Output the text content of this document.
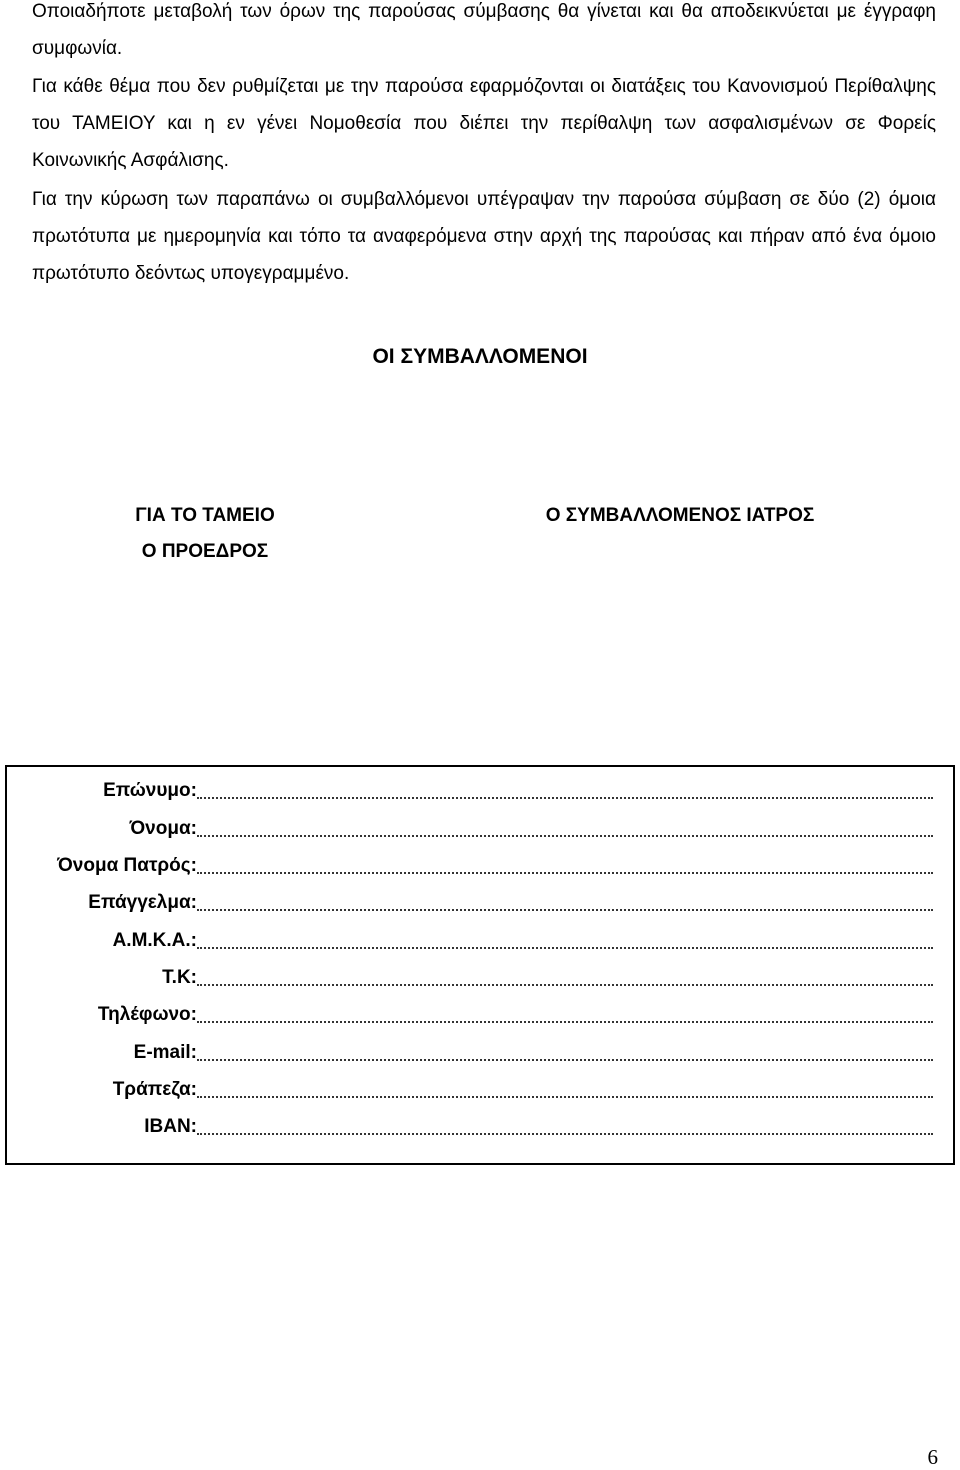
Οποιαδήποτε μεταβολή των όρων της παρούσας σύμβασης θα γίνεται και θα αποδεικνύεται με έγγραφη συμφωνία.

Για κάθε θέμα που δεν ρυθμίζεται με την παρούσα εφαρμόζονται οι διατάξεις του Κανονισμού Περίθαλψης του ΤΑΜΕΙΟΥ και η εν γένει Νομοθεσία που διέπει την περίθαλψη των ασφαλισμένων σε Φορείς Κοινωνικής Ασφάλισης.

Για την κύρωση των παραπάνω οι συμβαλλόμενοι υπέγραψαν την παρούσα σύμβαση σε δύο (2) όμοια πρωτότυπα με ημερομηνία και τόπο τα αναφερόμενα στην αρχή της παρούσας και πήραν από ένα όμοιο πρωτότυπο δεόντως υπογεγραμμένο.

ΟΙ ΣΥΜΒΑΛΛΟΜΕΝΟΙ
ΓΙΑ ΤΟ ΤΑΜΕΙΟ
Ο ΠΡΟΕΔΡΟΣ
Ο ΣΥΜΒΑΛΛΟΜΕΝΟΣ ΙΑΤΡΟΣ
Επώνυμο:
Όνομα:
Όνομα Πατρός:
Επάγγελμα:
Α.Μ.Κ.Α.:
Τ.Κ:
Τηλέφωνο:
E-mail:
Τράπεζα:
IBAN:
6
